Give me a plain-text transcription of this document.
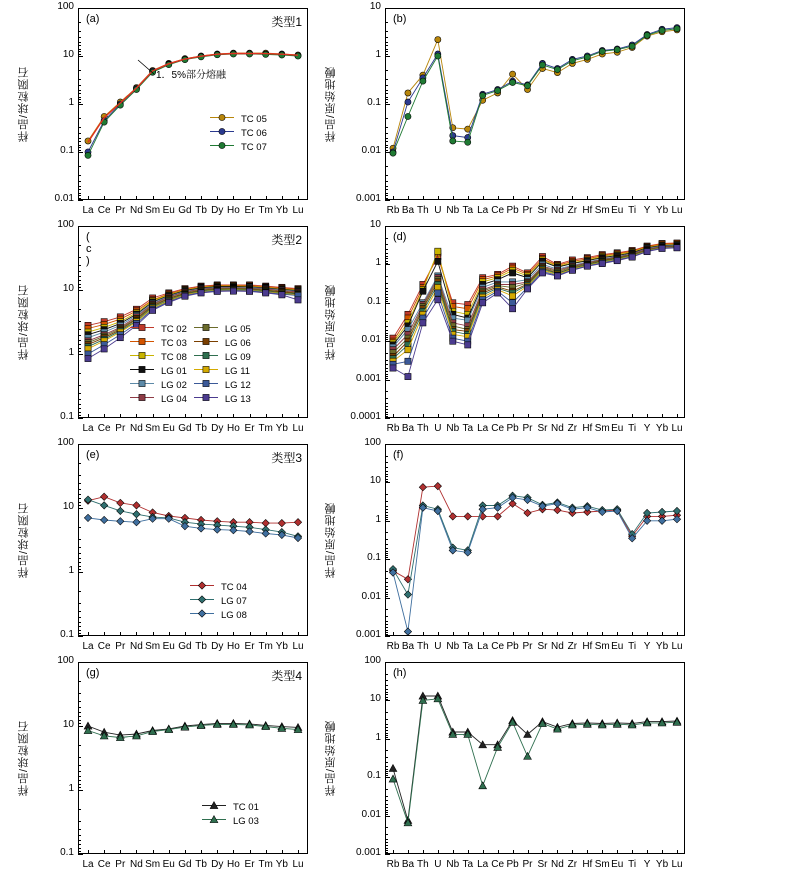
样品/球粒陨石
100
10
1
0.1
0.01
La Ce Pr Nd Sm Eu Gd Tb Dy Ho Er Tm Yb Lu
(a)	类型1
1．5%部分熔融
	TC 05
	TC 06
	TC 07
样品/原始地幔
10
1
0.1
0.01
0.001
Rb Ba Th U Nb Ta La Ce Pb Pr Sr Nd Zr Hf Sm Eu Ti Y Yb Lu
(b)
样品/球粒陨石
100
10
1
0.1
La Ce Pr Nd Sm Eu Gd Tb Dy Ho Er Tm Yb Lu
( c )
类型2
	TC 02		LG 05
	TC 03		LG 06
	TC 08		LG 09
	LG 01		LG 11
	LG 02		LG 12
	LG 04		LG 13
样品/原始地幔
10
1
0.1
0.01
0.001
0.0001
Rb Ba Th U Nb Ta La Ce Pb Pr Sr Nd Zr Hf Sm Eu Ti Y Yb Lu
(d)
样品/球粒陨石
100
10
1
0.1
La Ce Pr Nd Sm Eu Gd Tb Dy Ho Er Tm Yb Lu
(e)	类型3
	TC 04
	LG 07
	LG 08
样品/原始地幔
100
10
1
0.1
0.01
0.001
Rb Ba Th U Nb Ta La Ce Pb Pr Sr Nd Zr Hf Sm Eu Ti Y Yb Lu
(f)
样品/球粒陨石
100
10
1
0.1
La Ce Pr Nd Sm Eu Gd Tb Dy Ho Er Tm Yb Lu
(g)	类型4
	TC 01
	LG 03
样品/原始地幔
100
10
1
0.1
0.01
0.001
Rb Ba Th U Nb Ta La Ce Pb Pr Sr Nd Zr Hf Sm Eu Ti Y Yb Lu
(h)
